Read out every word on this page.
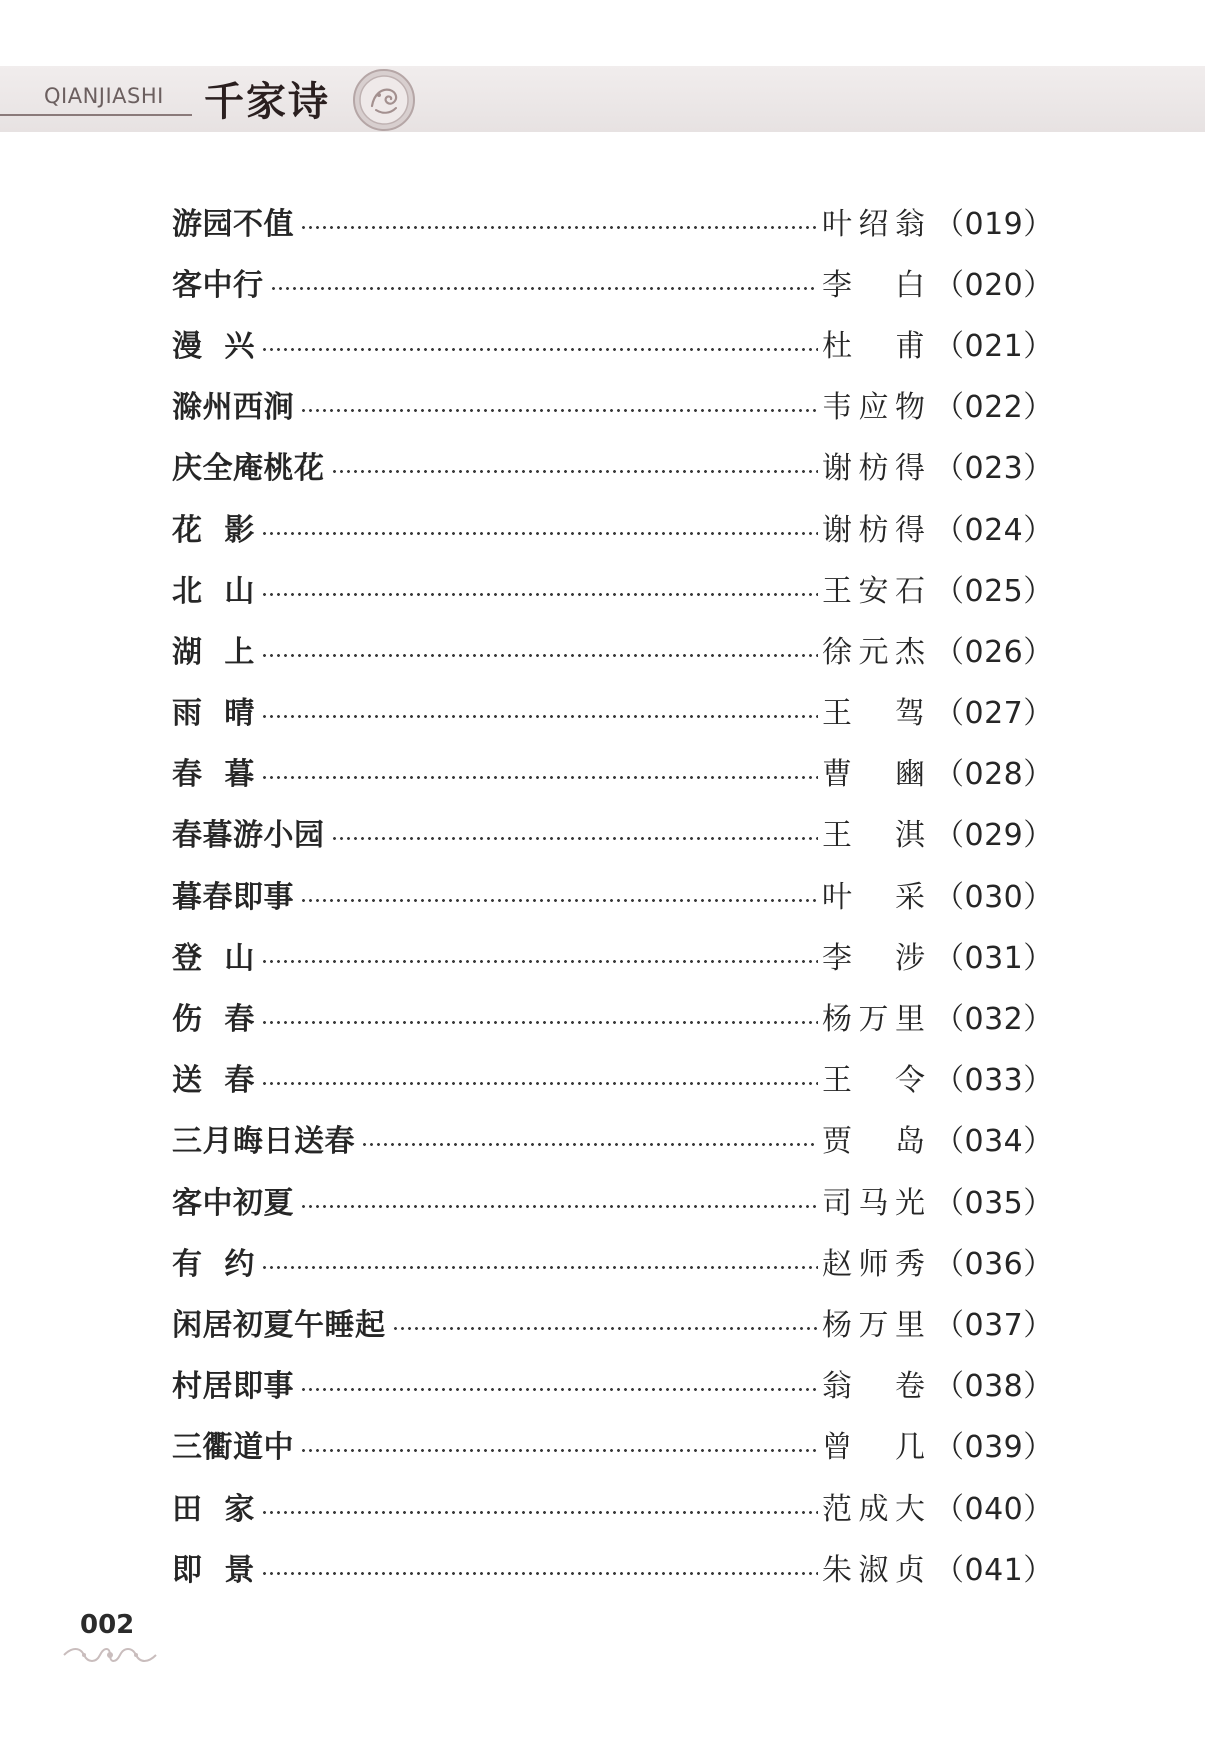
QIANJIASHI 千家诗
游园不值	叶绍翁 （019）
客中行	李  白 （020）
漫  兴	杜  甫 （021）
滁州西涧	韦应物 （022）
庆全庵桃花	谢枋得 （023）
花  影	谢枋得 （024）
北  山	王安石 （025）
湖  上	徐元杰 （026）
雨  晴	王  驾 （027）
春  暮	曹  豳 （028）
春暮游小园	王  淇 （029）
暮春即事	叶  采 （030）
登  山	李  涉 （031）
伤  春	杨万里 （032）
送  春	王  令 （033）
三月晦日送春	贾  岛 （034）
客中初夏	司马光 （035）
有  约	赵师秀 （036）
闲居初夏午睡起	杨万里 （037）
村居即事	翁  卷 （038）
三衢道中	曾  几 （039）
田  家	范成大 （040）
即  景	朱淑贞 （041）
002
